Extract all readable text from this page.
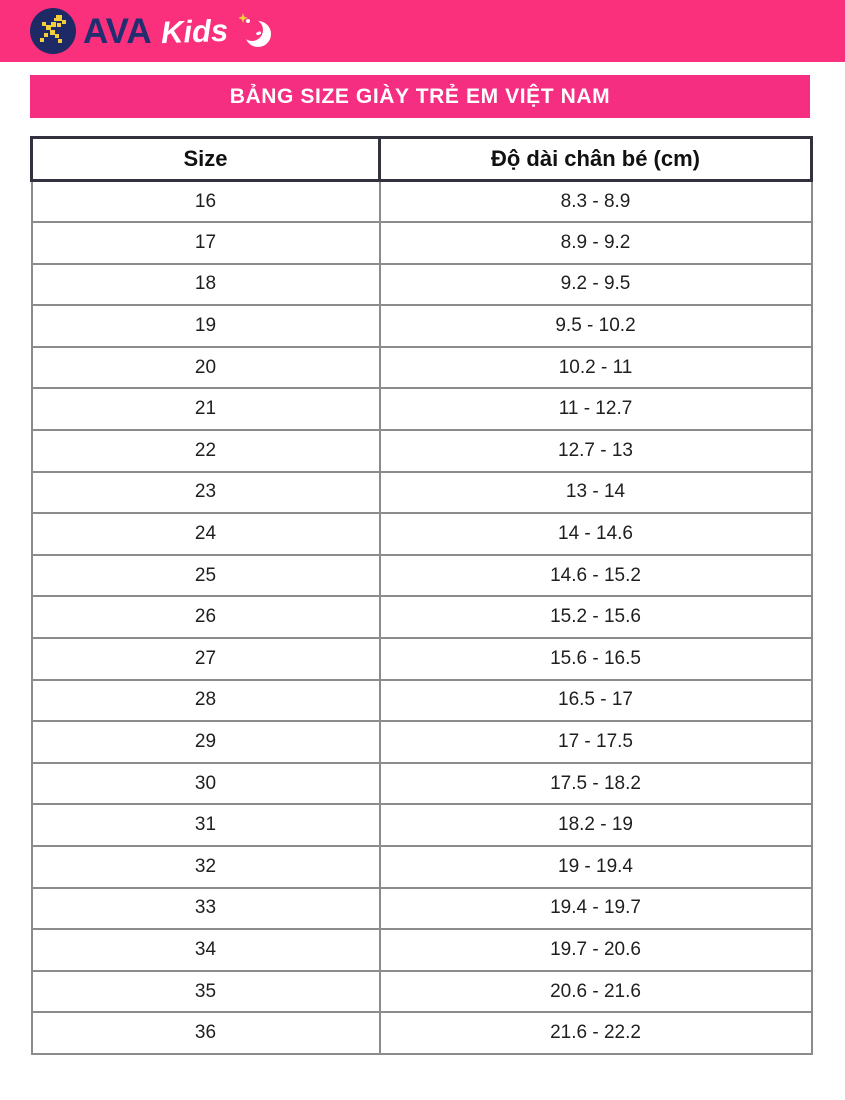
AVA Kids
BẢNG SIZE GIÀY TRẺ EM VIỆT NAM
Size	Độ dài chân bé (cm)
16	8.3 - 8.9
17	8.9 - 9.2
18	9.2 - 9.5
19	9.5 - 10.2
20	10.2 - 11
21	11 - 12.7
22	12.7 - 13
23	13 - 14
24	14 - 14.6
25	14.6 - 15.2
26	15.2 - 15.6
27	15.6 - 16.5
28	16.5 - 17
29	17 - 17.5
30	17.5 - 18.2
31	18.2 - 19
32	19 - 19.4
33	19.4 - 19.7
34	19.7 - 20.6
35	20.6 - 21.6
36	21.6 - 22.2
